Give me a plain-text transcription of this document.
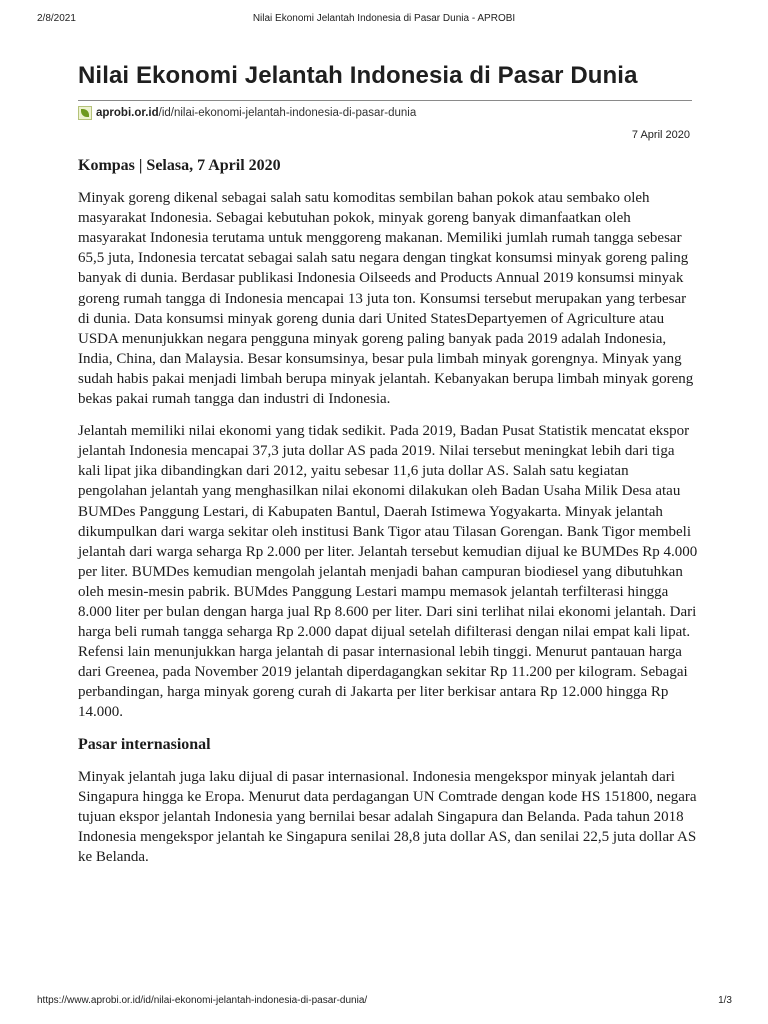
2/8/2021	Nilai Ekonomi Jelantah Indonesia di Pasar Dunia - APROBI
Nilai Ekonomi Jelantah Indonesia di Pasar Dunia
aprobi.or.id /id/nilai-ekonomi-jelantah-indonesia-di-pasar-dunia
7 April 2020
Kompas | Selasa, 7 April 2020

Minyak goreng dikenal sebagai salah satu komoditas sembilan bahan pokok atau sembako oleh masyarakat Indonesia. Sebagai kebutuhan pokok, minyak goreng banyak dimanfaatkan oleh masyarakat Indonesia terutama untuk menggoreng makanan. Memiliki jumlah rumah tangga sebesar 65,5 juta, Indonesia tercatat sebagai salah satu negara dengan tingkat konsumsi minyak goreng paling banyak di dunia. Berdasar publikasi Indonesia Oilseeds and Products Annual 2019 konsumsi minyak goreng rumah tangga di Indonesia mencapai 13 juta ton. Konsumsi tersebut merupakan yang terbesar di dunia. Data konsumsi minyak goreng dunia dari United StatesDepartyemen of Agriculture atau USDA menunjukkan negara pengguna minyak goreng paling banyak pada 2019 adalah Indonesia, India, China, dan Malaysia. Besar konsumsinya, besar pula limbah minyak gorengnya. Minyak yang sudah habis pakai menjadi limbah berupa minyak jelantah. Kebanyakan berupa limbah minyak goreng bekas pakai rumah tangga dan industri di Indonesia.

Jelantah memiliki nilai ekonomi yang tidak sedikit. Pada 2019, Badan Pusat Statistik mencatat ekspor jelantah Indonesia mencapai 37,3 juta dollar AS pada 2019. Nilai tersebut meningkat lebih dari tiga kali lipat jika dibandingkan dari 2012, yaitu sebesar 11,6 juta dollar AS. Salah satu kegiatan pengolahan jelantah yang menghasilkan nilai ekonomi dilakukan oleh Badan Usaha Milik Desa atau BUMDes Panggung Lestari, di Kabupaten Bantul, Daerah Istimewa Yogyakarta. Minyak jelantah dikumpulkan dari warga sekitar oleh institusi Bank Tigor atau Tilasan Gorengan. Bank Tigor membeli jelantah dari warga seharga Rp 2.000 per liter. Jelantah tersebut kemudian dijual ke BUMDes Rp 4.000 per liter. BUMDes kemudian mengolah jelantah menjadi bahan campuran biodiesel yang dibutuhkan oleh mesin-mesin pabrik. BUMdes Panggung Lestari mampu memasok jelantah terfilterasi hingga 8.000 liter per bulan dengan harga jual Rp 8.600 per liter. Dari sini terlihat nilai ekonomi jelantah. Dari harga beli rumah tangga seharga Rp 2.000 dapat dijual setelah difilterasi dengan nilai empat kali lipat. Refensi lain menunjukkan harga jelantah di pasar internasional lebih tinggi. Menurut pantauan harga dari Greenea, pada November 2019 jelantah diperdagangkan sekitar Rp 11.200 per kilogram. Sebagai perbandingan, harga minyak goreng curah di Jakarta per liter berkisar antara Rp 12.000 hingga Rp 14.000.

Pasar internasional

Minyak jelantah juga laku dijual di pasar internasional. Indonesia mengekspor minyak jelantah dari Singapura hingga ke Eropa. Menurut data perdagangan UN Comtrade dengan kode HS 151800, negara tujuan ekspor jelantah Indonesia yang bernilai besar adalah Singapura dan Belanda. Pada tahun 2018 Indonesia mengekspor jelantah ke Singapura senilai 28,8 juta dollar AS, dan senilai 22,5 juta dollar AS ke Belanda.

https://www.aprobi.or.id/id/nilai-ekonomi-jelantah-indonesia-di-pasar-dunia/	1/3
